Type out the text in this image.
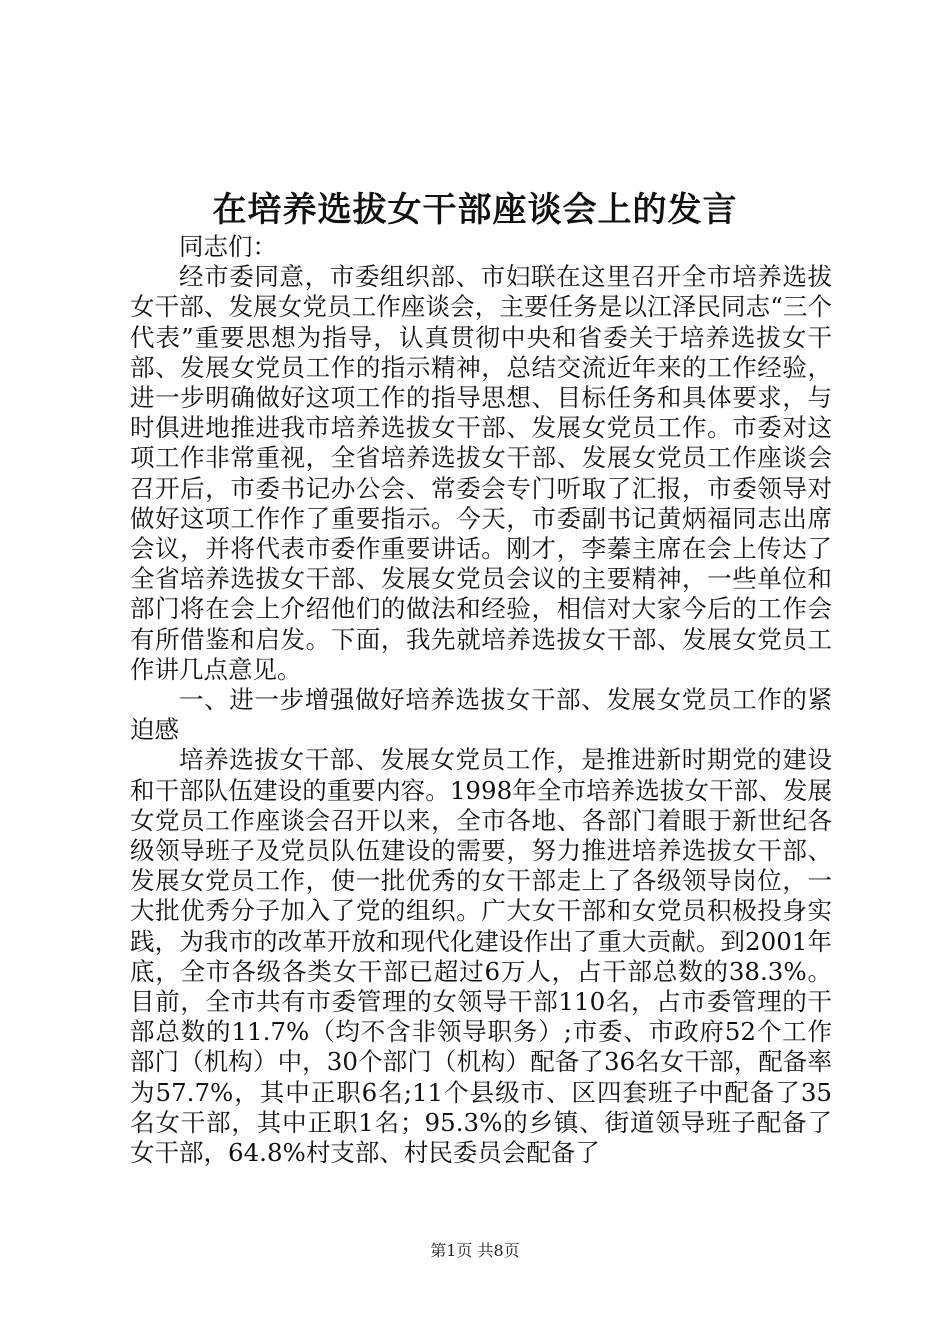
在培养选拔女干部座谈会上的发言

同志们：

经市委同意，市委组织部、市妇联在这里召开全市培养选拔女干部、发展女党员工作座谈会，主要任务是以江泽民同志“三个代表”重要思想为指导，认真贯彻中央和省委关于培养选拔女干部、发展女党员工作的指示精神，总结交流近年来的工作经验，进一步明确做好这项工作的指导思想、目标任务和具体要求，与时俱进地推进我市培养选拔女干部、发展女党员工作。市委对这项工作非常重视，全省培养选拔女干部、发展女党员工作座谈会召开后，市委书记办公会、常委会专门听取了汇报，市委领导对做好这项工作作了重要指示。今天，市委副书记黄炳福同志出席会议，并将代表市委作重要讲话。刚才，李蓁主席在会上传达了全省培养选拔女干部、发展女党员会议的主要精神，一些单位和部门将在会上介绍他们的做法和经验，相信对大家今后的工作会有所借鉴和启发。下面，我先就培养选拔女干部、发展女党员工作讲几点意见。

一、进一步增强做好培养选拔女干部、发展女党员工作的紧迫感

培养选拔女干部、发展女党员工作，是推进新时期党的建设和干部队伍建设的重要内容。1998年全市培养选拔女干部、发展女党员工作座谈会召开以来，全市各地、各部门着眼于新世纪各级领导班子及党员队伍建设的需要，努力推进培养选拔女干部、发展女党员工作，使一批优秀的女干部走上了各级领导岗位，一大批优秀分子加入了党的组织。广大女干部和女党员积极投身实践，为我市的改革开放和现代化建设作出了重大贡献。到2001年底，全市各级各类女干部已超过6万人，占干部总数的38.3%。目前，全市共有市委管理的女领导干部110名，占市委管理的干部总数的11.7%（均不含非领导职务）;市委、市政府52个工作部门（机构）中，30个部门（机构）配备了36名女干部，配备率为57.7%，其中正职6名;11个县级市、区四套班子中配备了35名女干部，其中正职1名；95.3%的乡镇、街道领导班子配备了女干部，64.8%村支部、村民委员会配备了

第1页 共8页
